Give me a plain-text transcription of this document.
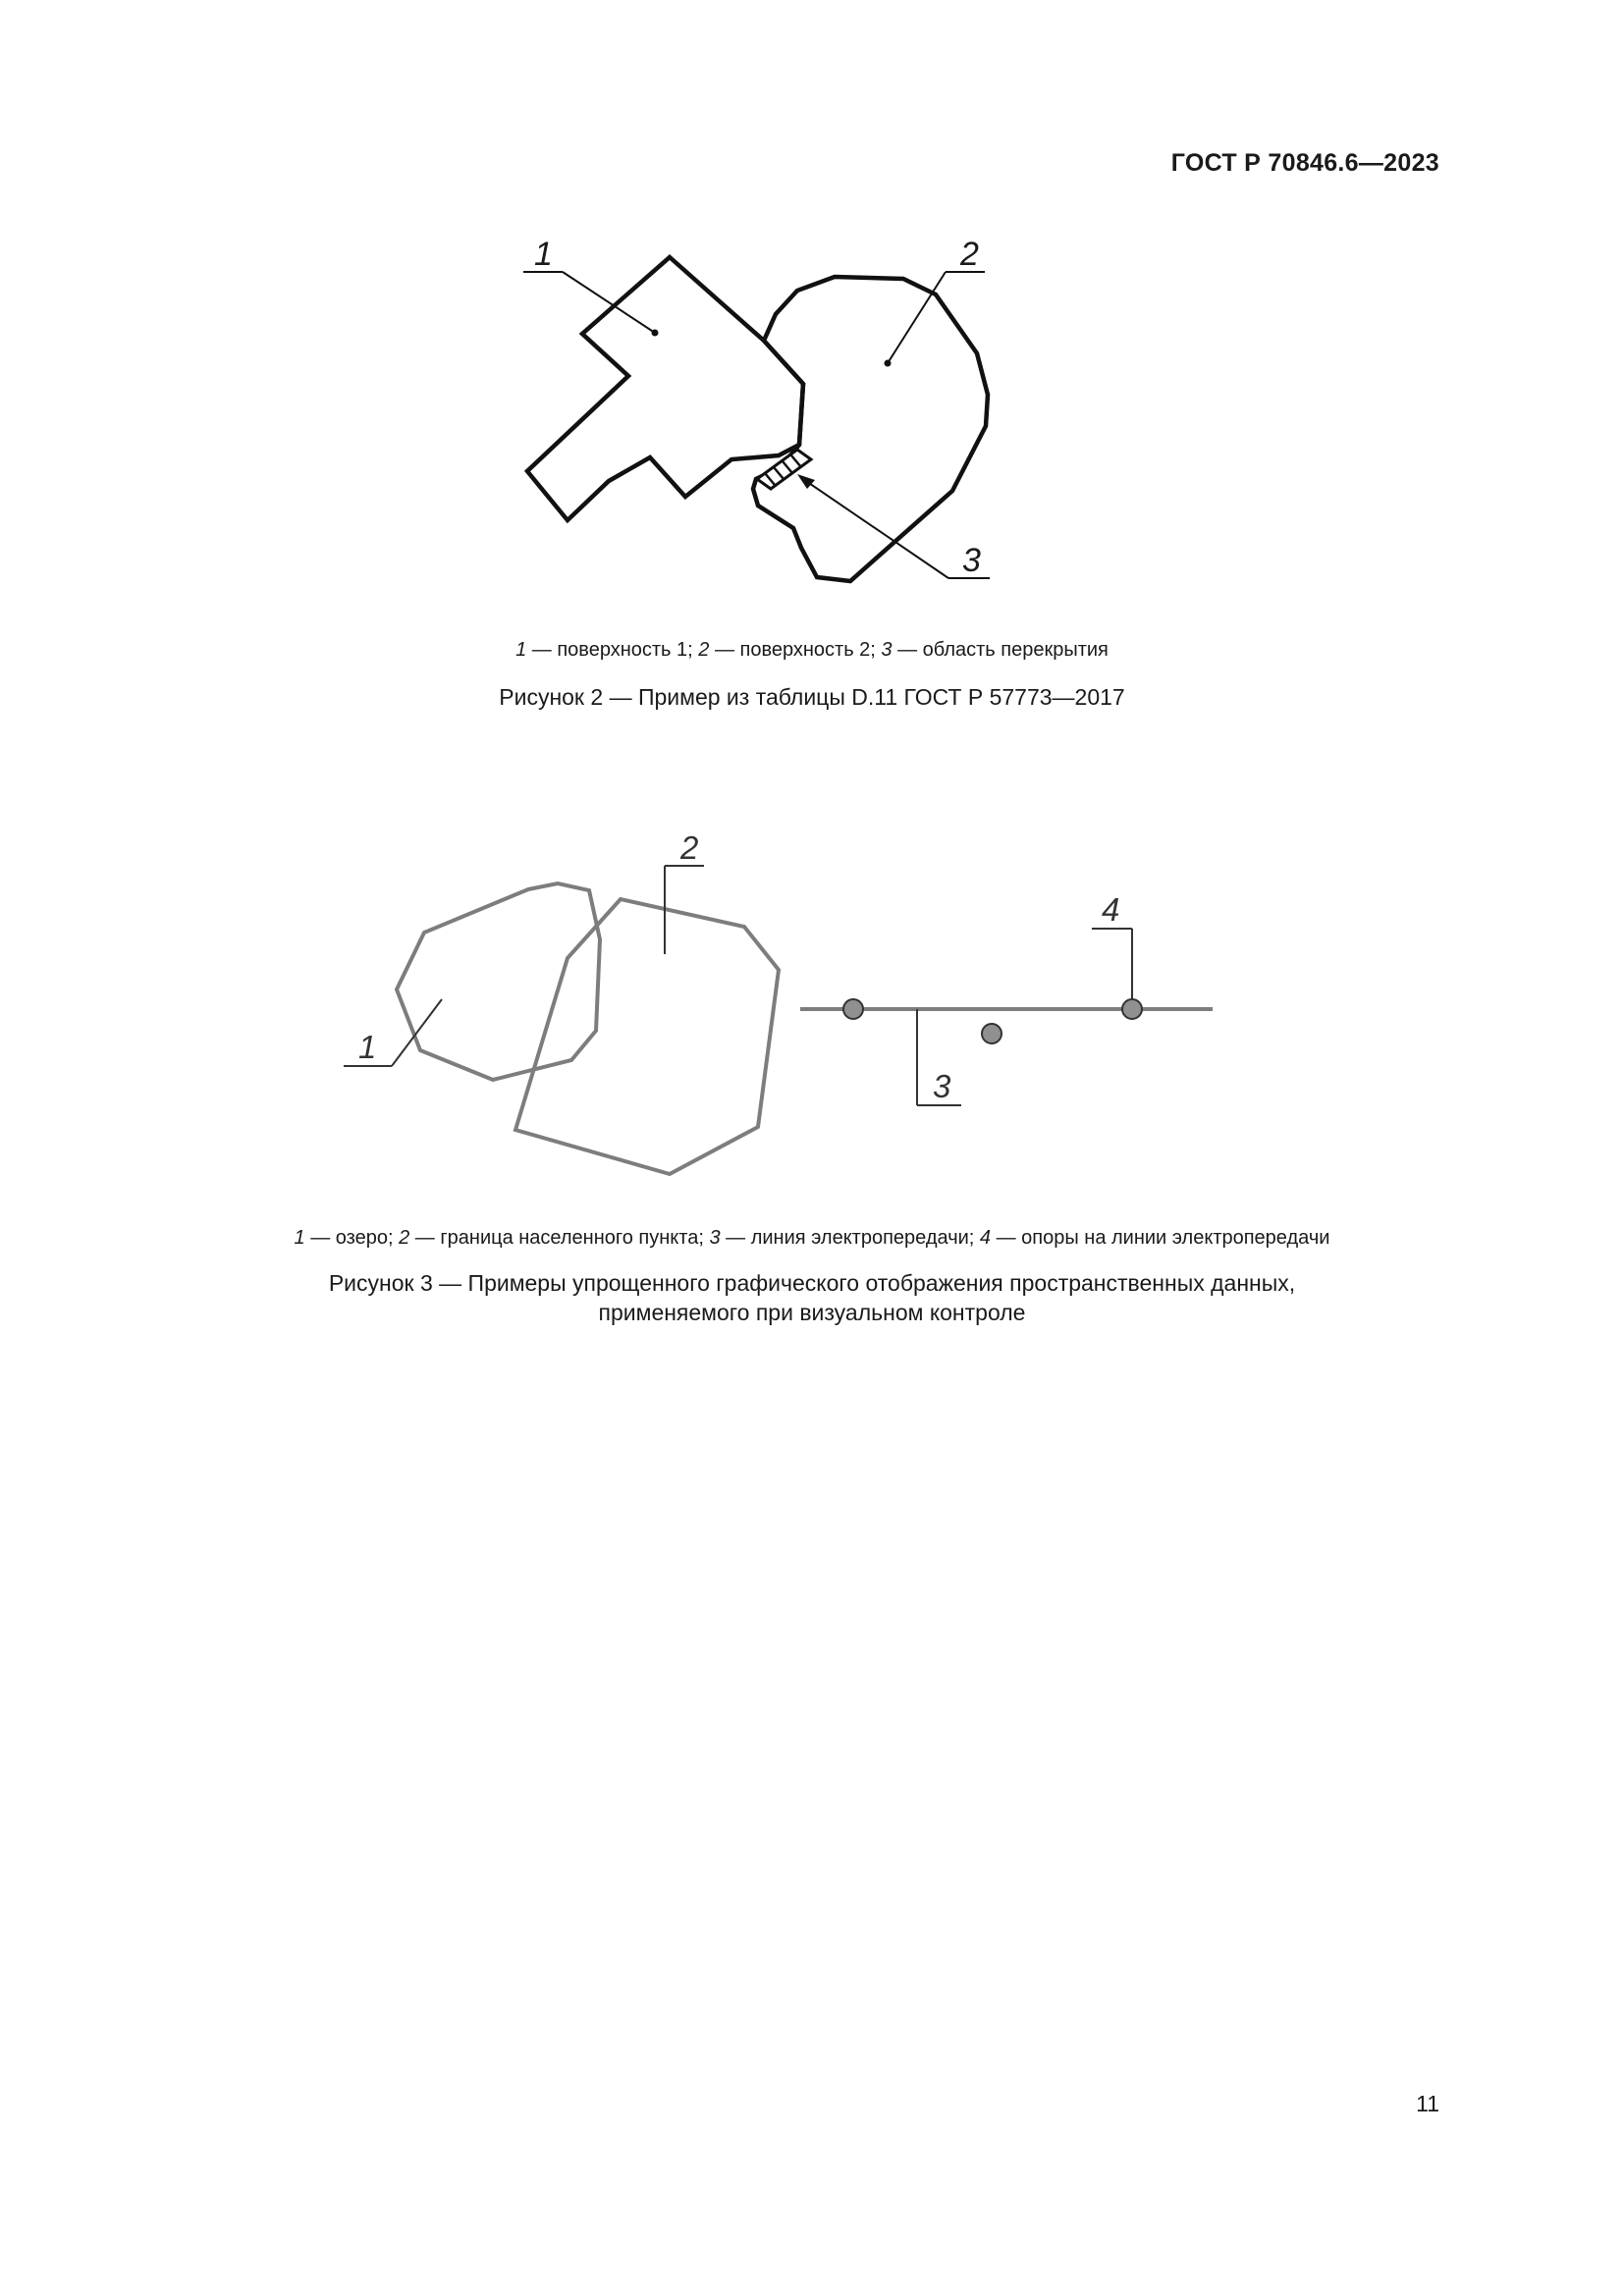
ГОСТ Р 70846.6—2023
1	2
3
1 — поверхность 1; 2 — поверхность 2; 3 — область перекрытия
Рисунок 2 — Пример из таблицы D.11 ГОСТ Р 57773—2017
1
2
3
4
1 — озеро; 2 — граница населенного пункта; 3 — линия электропередачи; 4 — опоры на линии электропередачи
Рисунок 3 — Примеры упрощенного графического отображения пространственных данных,
применяемого при визуальном контроле
11
